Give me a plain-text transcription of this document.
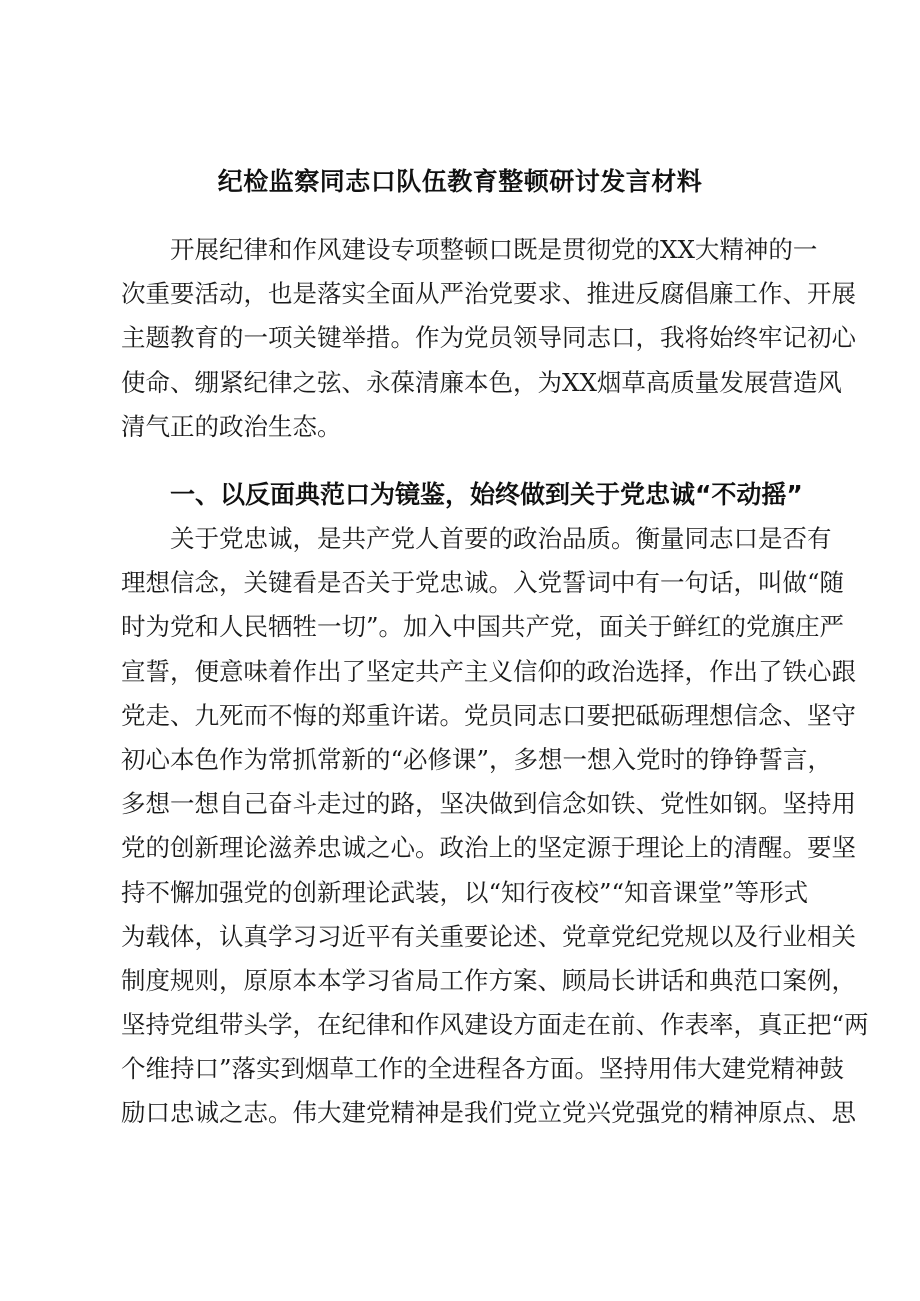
纪检监察同志口队伍教育整顿研讨发言材料
开展纪律和作风建设专项整顿口既是贯彻党的XX大精神的一
次重要活动，也是落实全面从严治党要求、推进反腐倡廉工作、开展
主题教育的一项关键举措。作为党员领导同志口，我将始终牢记初心
使命、绷紧纪律之弦、永葆清廉本色，为XX烟草高质量发展营造风
清气正的政治生态。
一、以反面典范口为镜鉴，始终做到关于党忠诚“不动摇”
关于党忠诚，是共产党人首要的政治品质。衡量同志口是否有
理想信念，关键看是否关于党忠诚。入党誓词中有一句话，叫做“随
时为党和人民牺牲一切”。加入中国共产党，面关于鲜红的党旗庄严
宣誓，便意味着作出了坚定共产主义信仰的政治选择，作出了铁心跟
党走、九死而不悔的郑重许诺。党员同志口要把砥砺理想信念、坚守
初心本色作为常抓常新的“必修课”，多想一想入党时的铮铮誓言，
多想一想自己奋斗走过的路，坚决做到信念如铁、党性如钢。坚持用
党的创新理论滋养忠诚之心。政治上的坚定源于理论上的清醒。要坚
持不懈加强党的创新理论武装，以“知行夜校”“知音课堂”等形式
为载体，认真学习习近平有关重要论述、党章党纪党规以及行业相关
制度规则，原原本本学习省局工作方案、顾局长讲话和典范口案例，
坚持党组带头学，在纪律和作风建设方面走在前、作表率，真正把“两
个维持口”落实到烟草工作的全进程各方面。坚持用伟大建党精神鼓
励口忠诚之志。伟大建党精神是我们党立党兴党强党的精神原点、思
